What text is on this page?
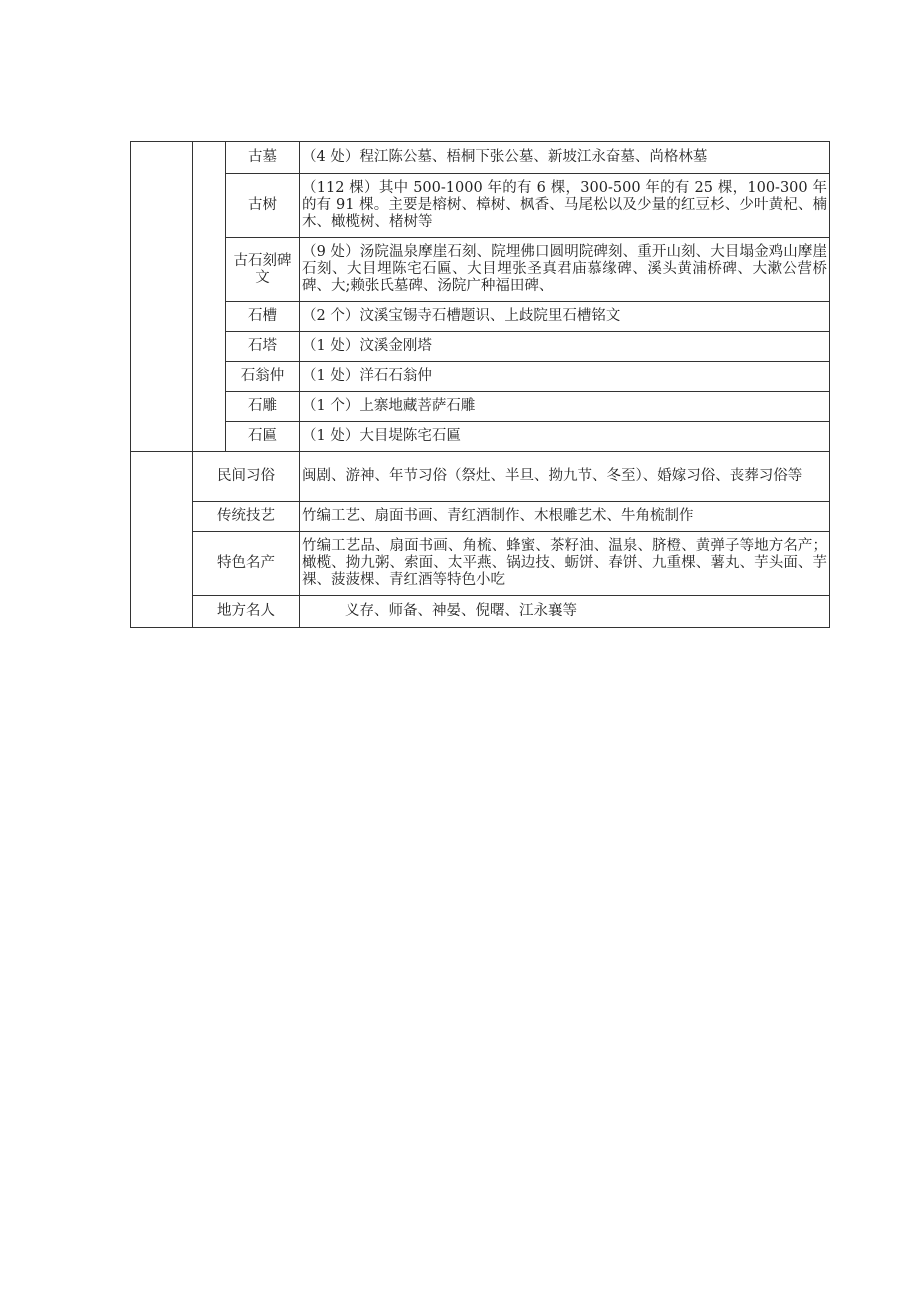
		古墓	（4 处）程江陈公墓、梧桐下张公墓、新坡江永奋墓、尚格林墓
		古树	（112 棵）其中 500-1000 年的有 6 棵，300-500 年的有 25 棵，100-300 年的有 91 棵。主要是榕树、樟树、枫香、马尾松以及少量的红豆杉、少叶黄杞、楠木、橄榄树、楮树等
		古石刻碑文	（9 处）汤院温泉摩崖石刻、院埋佛口圆明院碑刻、重开山刻、大目塌金鸡山摩崖石刻、大目埋陈宅石匾、大目埋张圣真君庙慕缘碑、溪头黄浦桥碑、大漱公营桥碑、大;赖张氏墓碑、汤院广种福田碑、
		石槽	（2 个）汶溪宝锡寺石槽题识、上歧院里石槽铭文
		石塔	（1 处）汶溪金刚塔
		石翁仲	（1 处）洋石石翁仲
		石雕	（1 个）上寨地藏菩萨石雕
		石匾	（1 处）大目堤陈宅石匾
	民间习俗		闽剧、游神、年节习俗（祭灶、半旦、拗九节、冬至）、婚嫁习俗、丧葬习俗等
	传统技艺		竹编工艺、扇面书画、青红酒制作、木根雕艺术、牛角梳制作
	特色名产		竹编工艺品、扇面书画、角梳、蜂蜜、茶籽油、温泉、脐橙、黄弹子等地方名产；橄榄、拗九粥、索面、太平燕、锅边技、蛎饼、春饼、九重棵、薯丸、芋头面、芋裸、菠菠棵、青红酒等特色小吃
	地方名人		义存、师备、神晏、倪曙、江永襄等
